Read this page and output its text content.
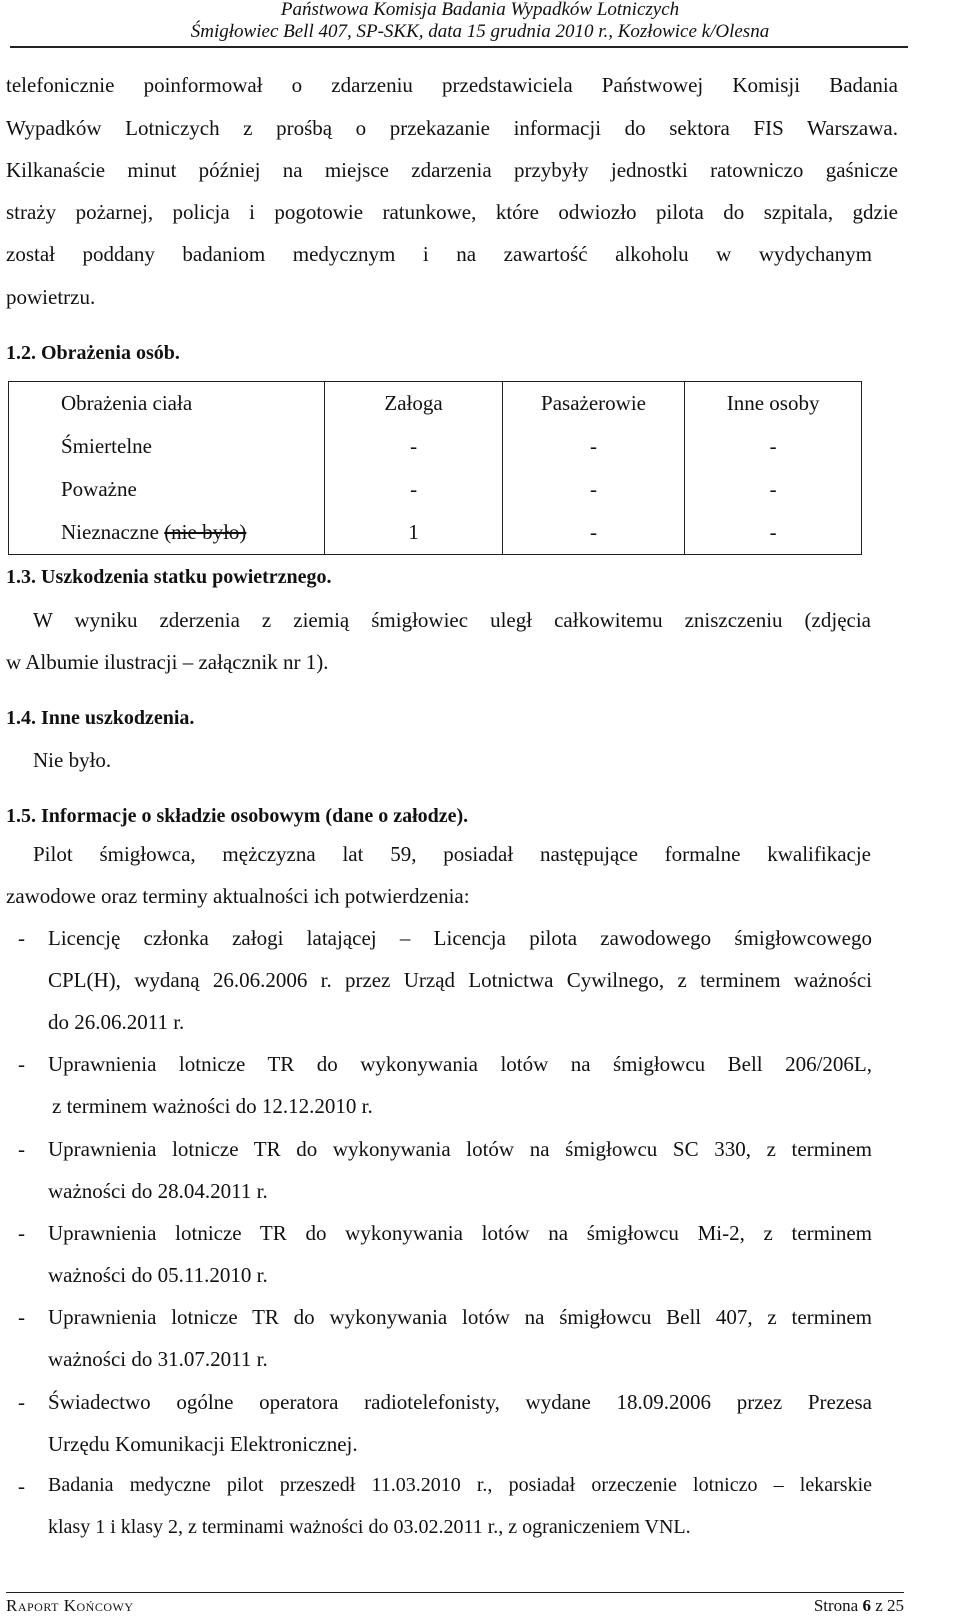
Państwowa Komisja Badania Wypadków Lotniczych
Śmigłowiec Bell 407, SP-SKK, data 15 grudnia 2010 r., Kozłowice k/Olesna
telefonicznie poinformował o zdarzeniu przedstawiciela Państwowej Komisji Badania
Wypadków Lotniczych z prośbą o przekazanie informacji do sektora FIS Warszawa.
Kilkanaście minut później na miejsce zdarzenia przybyły jednostki ratowniczo gaśnicze
straży pożarnej, policja i pogotowie ratunkowe, które odwiozło pilota do szpitala, gdzie
został poddany badaniom medycznym i na zawartość alkoholu w wydychanym
powietrzu.
1.2. Obrażenia osób.
Obrażenia ciała	Załoga	Pasażerowie	Inne osoby
Śmiertelne	-	-	-
Poważne	-	-	-
Nieznaczne (nie było)	1	-	-
1.3. Uszkodzenia statku powietrznego.
W wyniku zderzenia z ziemią śmigłowiec uległ całkowitemu zniszczeniu (zdjęcia
w Albumie ilustracji – załącznik nr 1).
1.4. Inne uszkodzenia.
Nie było.
1.5. Informacje o składzie osobowym (dane o załodze).
Pilot śmigłowca, mężczyzna lat 59, posiadał następujące formalne kwalifikacje
zawodowe oraz terminy aktualności ich potwierdzenia:
- Licencję członka załogi latającej – Licencja pilota zawodowego śmigłowcowego
CPL(H), wydaną 26.06.2006 r. przez Urząd Lotnictwa Cywilnego, z terminem ważności
do 26.06.2011 r.
- Uprawnienia lotnicze TR do wykonywania lotów na śmigłowcu Bell 206/206L,
z terminem ważności do 12.12.2010 r.
- Uprawnienia lotnicze TR do wykonywania lotów na śmigłowcu SC 330, z terminem
ważności do 28.04.2011 r.
- Uprawnienia lotnicze TR do wykonywania lotów na śmigłowcu Mi-2, z terminem
ważności do 05.11.2010 r.
- Uprawnienia lotnicze TR do wykonywania lotów na śmigłowcu Bell 407, z terminem
ważności do 31.07.2011 r.
- Świadectwo ogólne operatora radiotelefonisty, wydane 18.09.2006 przez Prezesa
Urzędu Komunikacji Elektronicznej.
- Badania medyczne pilot przeszedł 11.03.2010 r., posiadał orzeczenie lotniczo – lekarskie
klasy 1 i klasy 2, z terminami ważności do 03.02.2011 r., z ograniczeniem VNL.
Raport Końcowy	Strona 6 z 25
